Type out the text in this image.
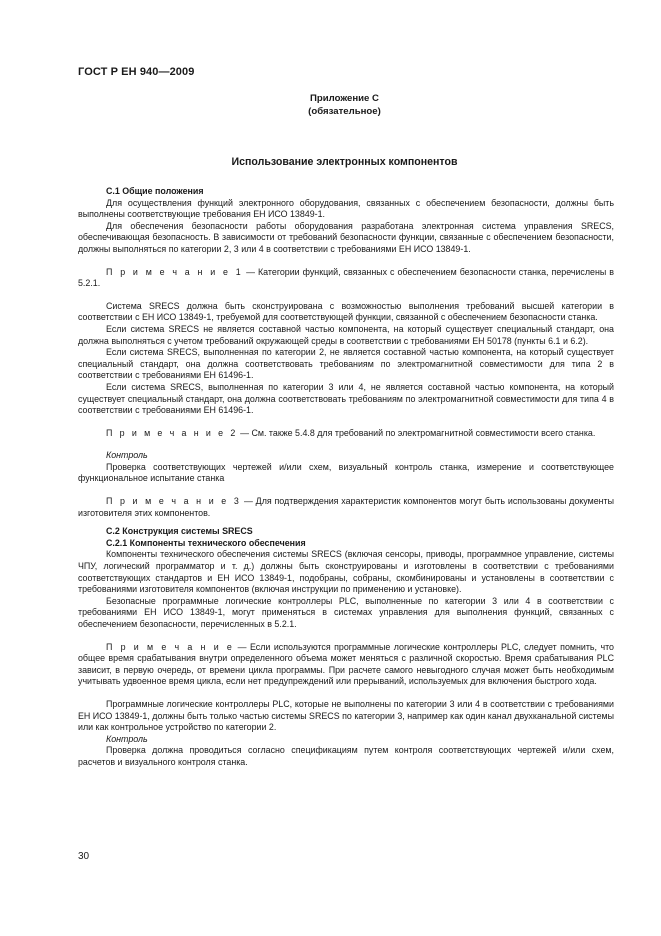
ГОСТ Р ЕН 940—2009
Приложение С
(обязательное)
Использование электронных компонентов

С.1 Общие положения

Для осуществления функций электронного оборудования, связанных с обеспечением безопасности, должны быть выполнены соответствующие требования ЕН ИСО 13849-1.

Для обеспечения безопасности работы оборудования разработана электронная система управления SRECS, обеспечивающая безопасность. В зависимости от требований безопасности функции, связанные с обеспечением безопасности, должны выполняться по категории 2, 3 или 4 в соответствии с требованиями ЕН ИСО 13849-1.

П р и м е ч а н и е 1 — Категории функций, связанных с обеспечением безопасности станка, перечислены в 5.2.1.

Система SRECS должна быть сконструирована с возможностью выполнения требований высшей категории в соответствии с ЕН ИСО 13849-1, требуемой для соответствующей функции, связанной с обеспечением безопасности станка.

Если система SRECS не является составной частью компонента, на который существует специальный стандарт, она должна выполняться с учетом требований окружающей среды в соответствии с требованиями ЕН 50178 (пункты 6.1 и 6.2).

Если система SRECS, выполненная по категории 2, не является составной частью компонента, на который существует специальный стандарт, она должна соответствовать требованиям по электромагнитной совместимости для типа 2 в соответствии с требованиями ЕН 61496-1.

Если система SRECS, выполненная по категории 3 или 4, не является составной частью компонента, на который существует специальный стандарт, она должна соответствовать требованиям по электромагнитной совместимости для типа 4 в соответствии с требованиями ЕН 61496-1.

П р и м е ч а н и е 2 — См. также 5.4.8 для требований по электромагнитной совместимости всего станка.

Контроль

Проверка соответствующих чертежей и/или схем, визуальный контроль станка, измерение и соответствующее функциональное испытание станка

П р и м е ч а н и е 3 — Для подтверждения характеристик компонентов могут быть использованы документы изготовителя этих компонентов.

С.2 Конструкция системы SRECS

С.2.1 Компоненты технического обеспечения

Компоненты технического обеспечения системы SRECS (включая сенсоры, приводы, программное управление, системы ЧПУ, логический программатор и т. д.) должны быть сконструированы и изготовлены в соответствии с требованиями соответствующих стандартов и ЕН ИСО 13849-1, подобраны, собраны, скомбинированы и установлены в соответствии с требованиями изготовителя компонентов (включая инструкции по применению и установке).

Безопасные программные логические контроллеры PLC, выполненные по категории 3 или 4 в соответствии с требованиями ЕН ИСО 13849-1, могут применяться в системах управления для выполнения функций, связанных с обеспечением безопасности, перечисленных в 5.2.1.

П р и м е ч а н и е — Если используются программные логические контроллеры PLC, следует помнить, что общее время срабатывания внутри определенного объема может меняться с различной скоростью. Время срабатывания PLC зависит, в первую очередь, от времени цикла программы. При расчете самого невыгодного случая может быть необходимым учитывать удвоенное время цикла, если нет предупреждений или прерываний, используемых для включения быстрого хода.

Программные логические контроллеры PLC, которые не выполнены по категории 3 или 4 в соответствии с требованиями ЕН ИСО 13849-1, должны быть только частью системы SRECS по категории 3, например как один канал двухканальной системы или как контрольное устройство по категории 2.

Контроль

Проверка должна проводиться согласно спецификациям путем контроля соответствующих чертежей и/или схем, расчетов и визуального контроля станка.

30
